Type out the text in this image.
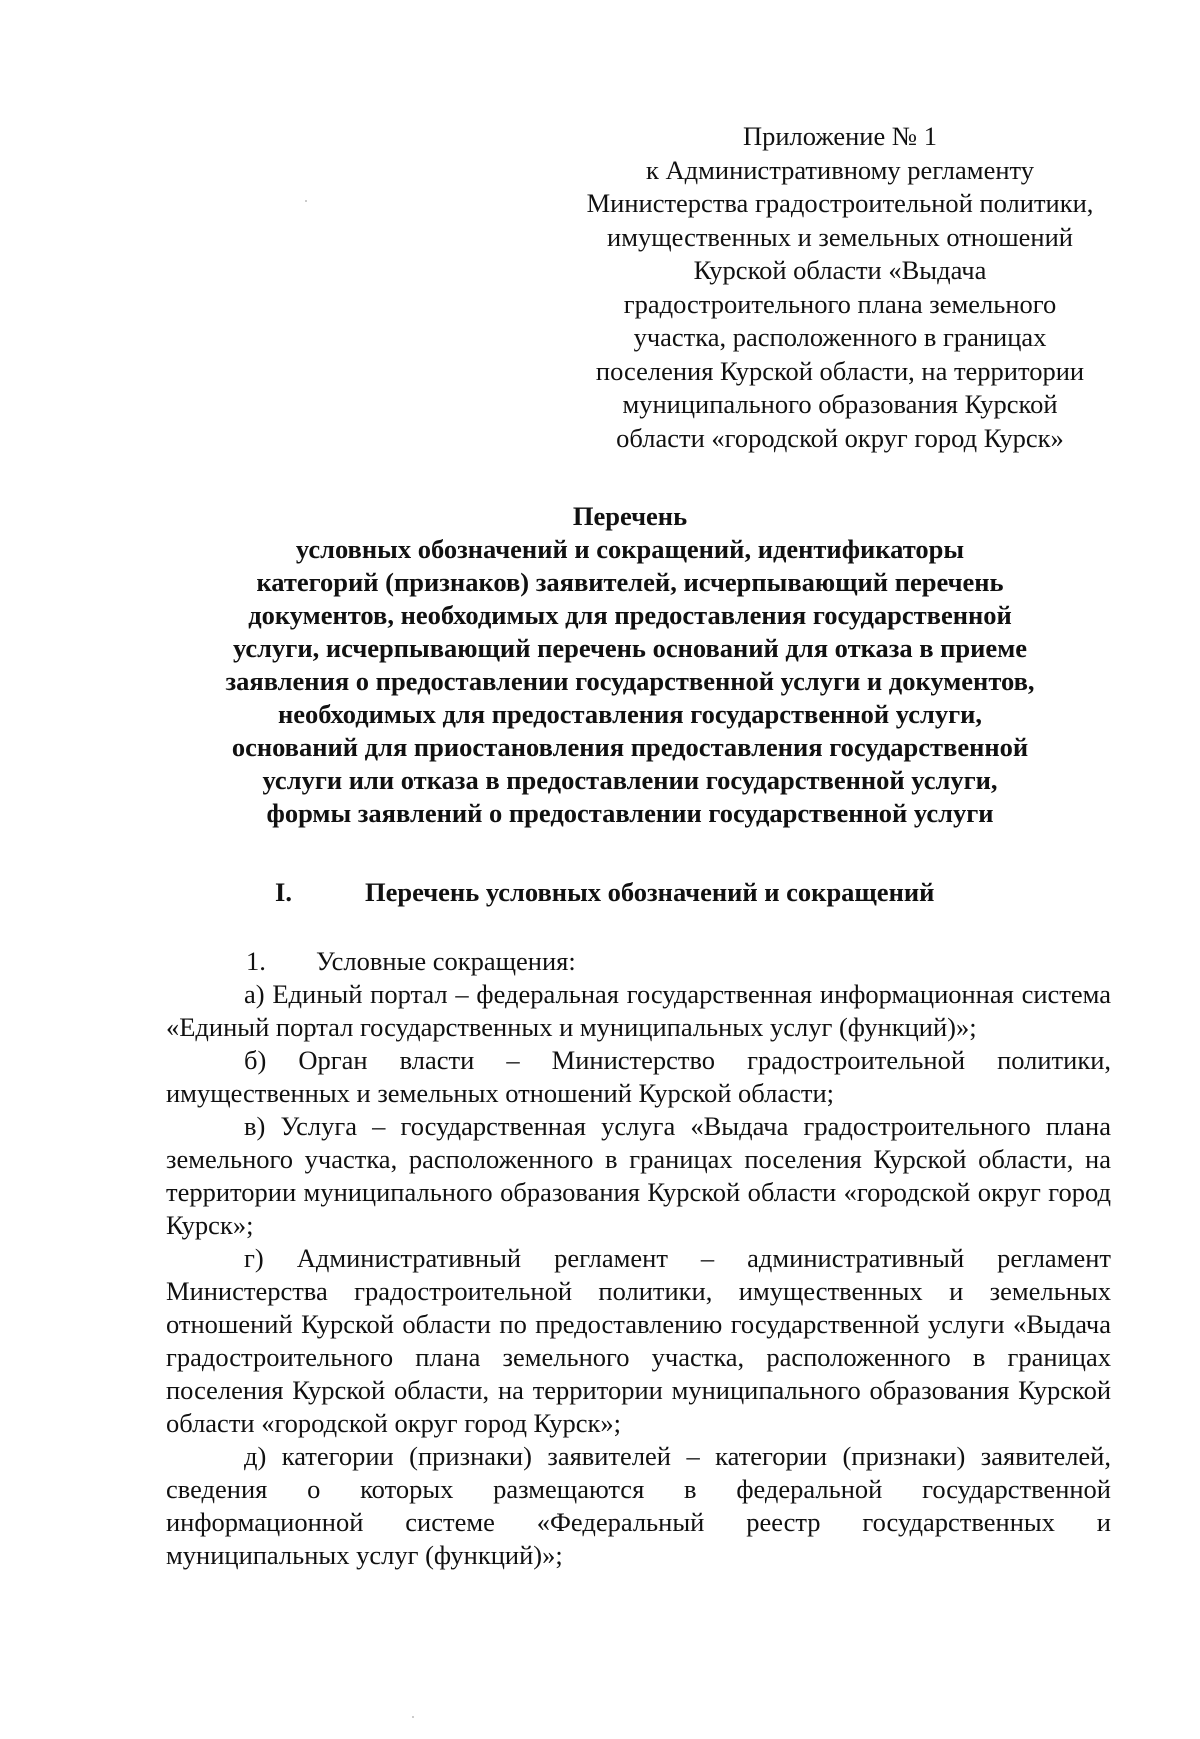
Приложение № 1
к Административному регламенту
Министерства градостроительной политики,
имущественных и земельных отношений
Курской области «Выдача
градостроительного плана земельного
участка, расположенного в границах
поселения Курской области, на территории
муниципального образования Курской
области «городской округ город Курск»
Перечень
условных обозначений и сокращений, идентификаторы
категорий (признаков) заявителей, исчерпывающий перечень
документов, необходимых для предоставления государственной
услуги, исчерпывающий перечень оснований для отказа в приеме
заявления о предоставлении государственной услуги и документов,
необходимых для предоставления государственной услуги,
оснований для приостановления предоставления государственной
услуги или отказа в предоставлении государственной услуги,
формы заявлений о предоставлении государственной услуги
I.	Перечень условных обозначений и сокращений
1. Условные сокращения:
а) Единый портал – федеральная государственная информационная система «Единый портал государственных и муниципальных услуг (функций)»;
б) Орган власти – Министерство градостроительной политики, имущественных и земельных отношений Курской области;
в) Услуга – государственная услуга «Выдача градостроительного плана земельного участка, расположенного в границах поселения Курской области, на территории муниципального образования Курской области «городской округ город Курск»;
г) Административный регламент – административный регламент Министерства градостроительной политики, имущественных и земельных отношений Курской области по предоставлению государственной услуги «Выдача градостроительного плана земельного участка, расположенного в границах поселения Курской области, на территории муниципального образования Курской области «городской округ город Курск»;
д) категории (признаки) заявителей – категории (признаки) заявителей, сведения о которых размещаются в федеральной государственной информационной системе «Федеральный реестр государственных и муниципальных услуг (функций)»;
